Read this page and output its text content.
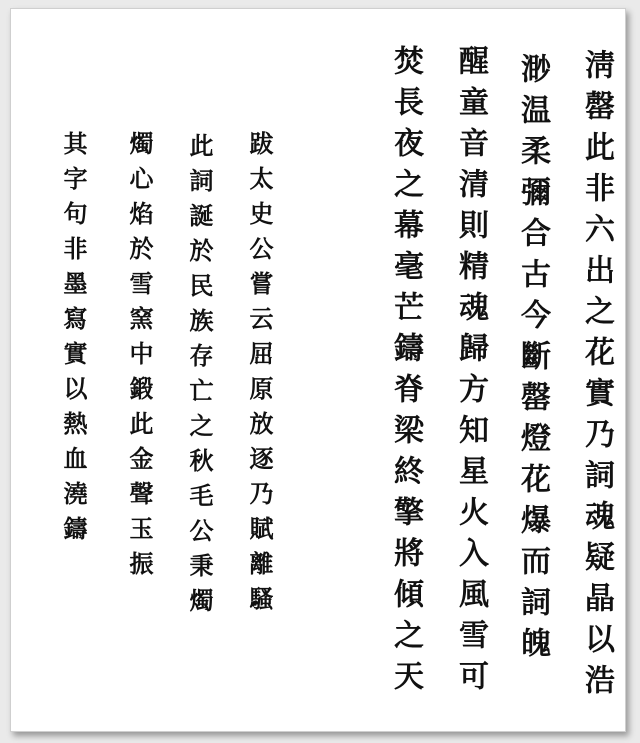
淸罄此非六出之花實乃詞魂疑晶以浩
渺温柔彌合古今斷罄燈花爆而詞魄
醒童音清則精魂歸方知星火入風雪可
焚長夜之幕毫芒鑄脊梁終擎將傾之天
跋太史公嘗云屈原放逐乃賦離騷
此詞誕於民族存亡之秋毛公秉燭
燭心焰於雪窯中鍛此金聲玉振
其字句非墨寫實以熱血澆鑄
